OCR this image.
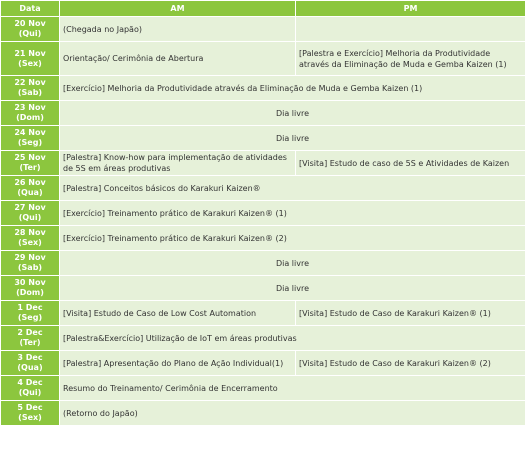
Data	AM	PM

20 Nov
(Qui)	(Chegada no Japão)	

21 Nov
(Sex)	Orientação/ Cerimônia de Abertura	[Palestra e Exercício] Melhoria da Produtividade através da Eliminação de Muda e Gemba Kaizen (1)

22 Nov
(Sab)	[Exercício] Melhoria da Produtividade através da Eliminação de Muda e Gemba Kaizen (1)	

23 Nov
(Dom)	Dia livre	

24 Nov
(Seg)	Dia livre	

25 Nov
(Ter)	[Palestra] Know-how para implementação de atividades de 5S em áreas produtivas	[Visita] Estudo de caso de 5S e Atividades de Kaizen

26 Nov
(Qua)	[Palestra] Conceitos básicos do Karakuri Kaizen®	

27 Nov
(Qui)	[Exercício] Treinamento prático de Karakuri Kaizen® (1)	

28 Nov
(Sex)	[Exercício] Treinamento prático de Karakuri Kaizen® (2)	

29 Nov
(Sab)	Dia livre	

30 Nov
(Dom)	Dia livre	

1 Dec
(Seg)	[Visita] Estudo de Caso de Low Cost Automation	[Visita] Estudo de Caso de Karakuri Kaizen® (1)

2 Dec
(Ter)	[Palestra&Exercício] Utilização de IoT em áreas produtivas	

3 Dec
(Qua)	[Palestra] Apresentação do Plano de Ação Individual(1)	[Visita] Estudo de Caso de Karakuri Kaizen® (2)

4 Dec
(Qui)	Resumo do Treinamento/ Cerimônia de Encerramento	

5 Dec
(Sex)	(Retorno do Japão)	
